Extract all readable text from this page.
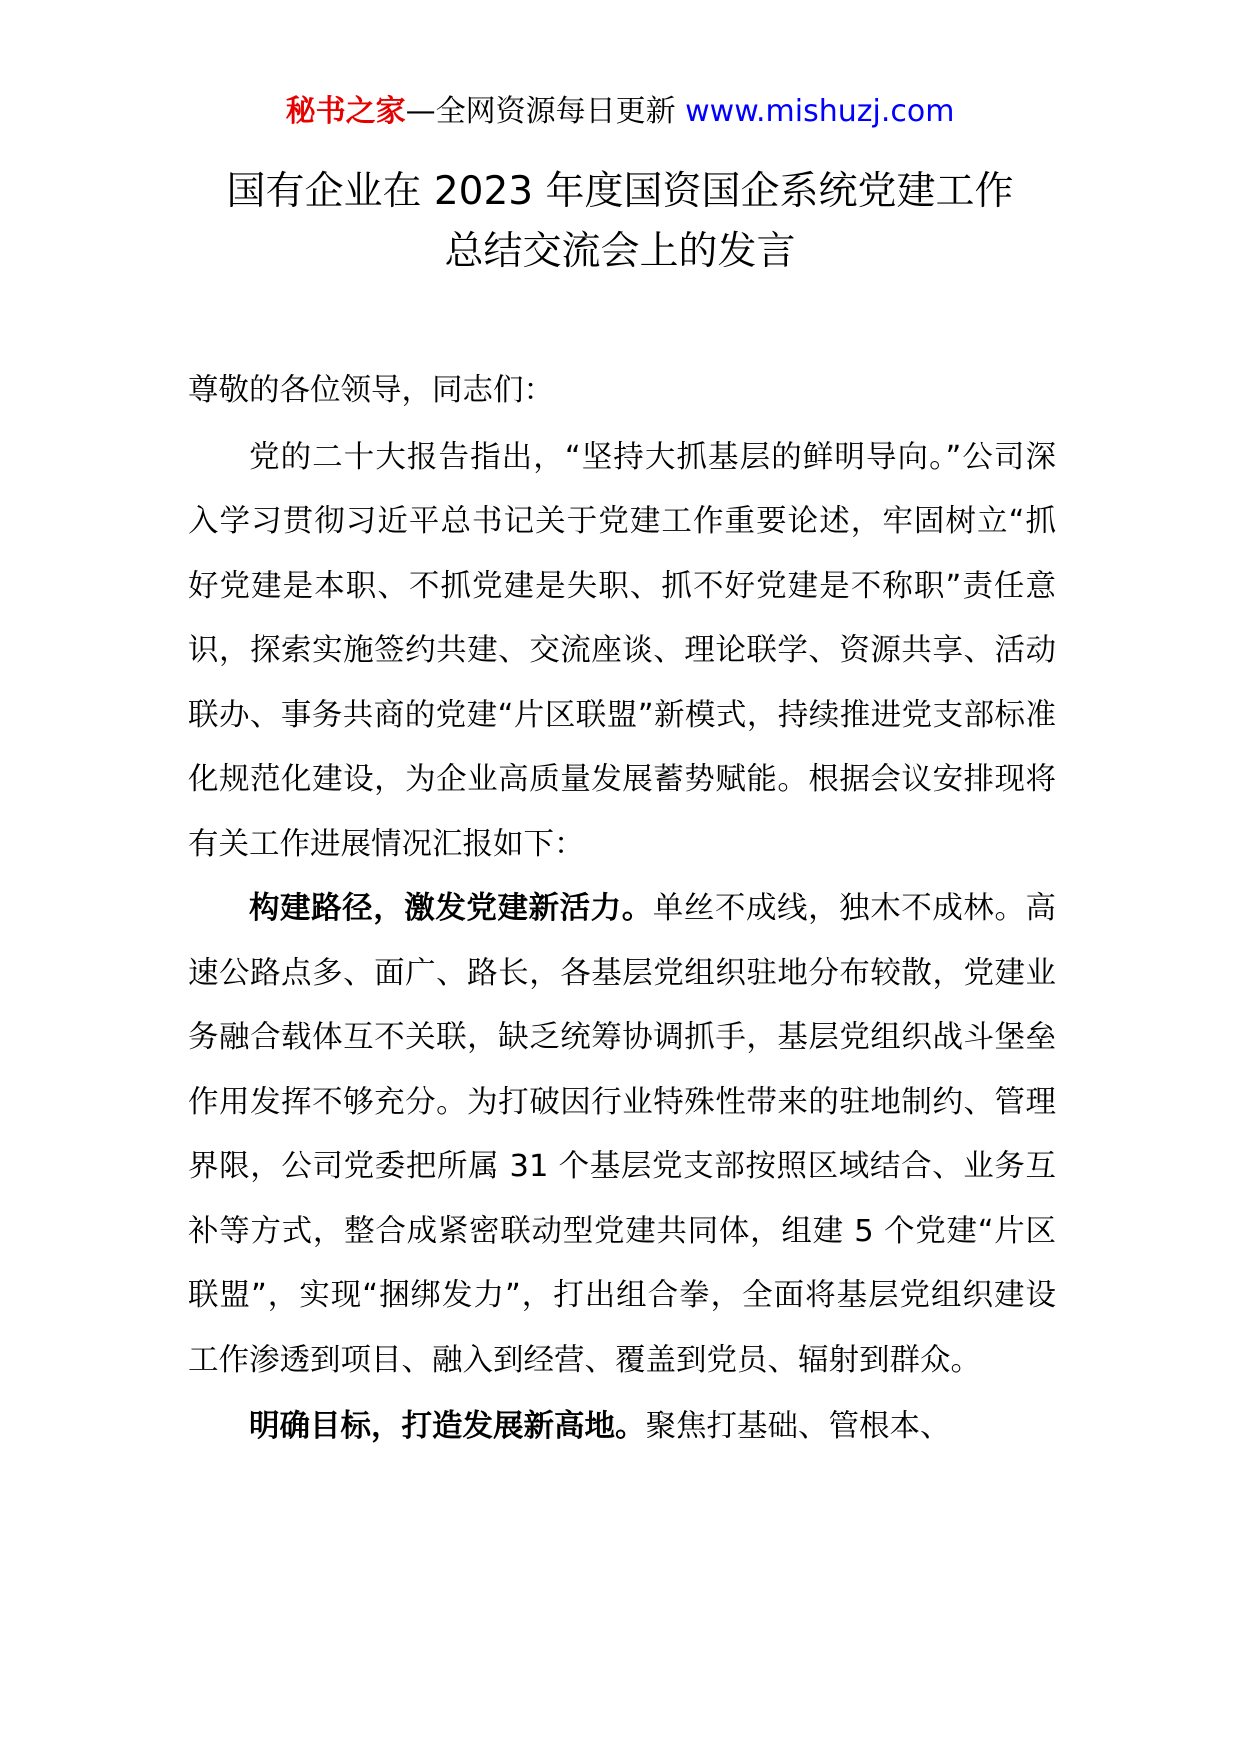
秘书之家—全网资源每日更新 www.mishuzj.com
国有企业在 2023 年度国资国企系统党建工作
总结交流会上的发言

尊敬的各位领导，同志们：

党的二十大报告指出，“坚持大抓基层的鲜明导向。”公司深入学习贯彻习近平总书记关于党建工作重要论述，牢固树立“抓好党建是本职、不抓党建是失职、抓不好党建是不称职”责任意识，探索实施签约共建、交流座谈、理论联学、资源共享、活动联办、事务共商的党建“片区联盟”新模式，持续推进党支部标准化规范化建设，为企业高质量发展蓄势赋能。根据会议安排现将有关工作进展情况汇报如下：

构建路径，激发党建新活力。单丝不成线，独木不成林。高速公路点多、面广、路长，各基层党组织驻地分布较散，党建业务融合载体互不关联，缺乏统筹协调抓手，基层党组织战斗堡垒作用发挥不够充分。为打破因行业特殊性带来的驻地制约、管理界限，公司党委把所属 31 个基层党支部按照区域结合、业务互补等方式，整合成紧密联动型党建共同体，组建 5 个党建“片区联盟”，实现“捆绑发力”，打出组合拳，全面将基层党组织建设工作渗透到项目、融入到经营、覆盖到党员、辐射到群众。

明确目标，打造发展新高地。聚焦打基础、管根本、
